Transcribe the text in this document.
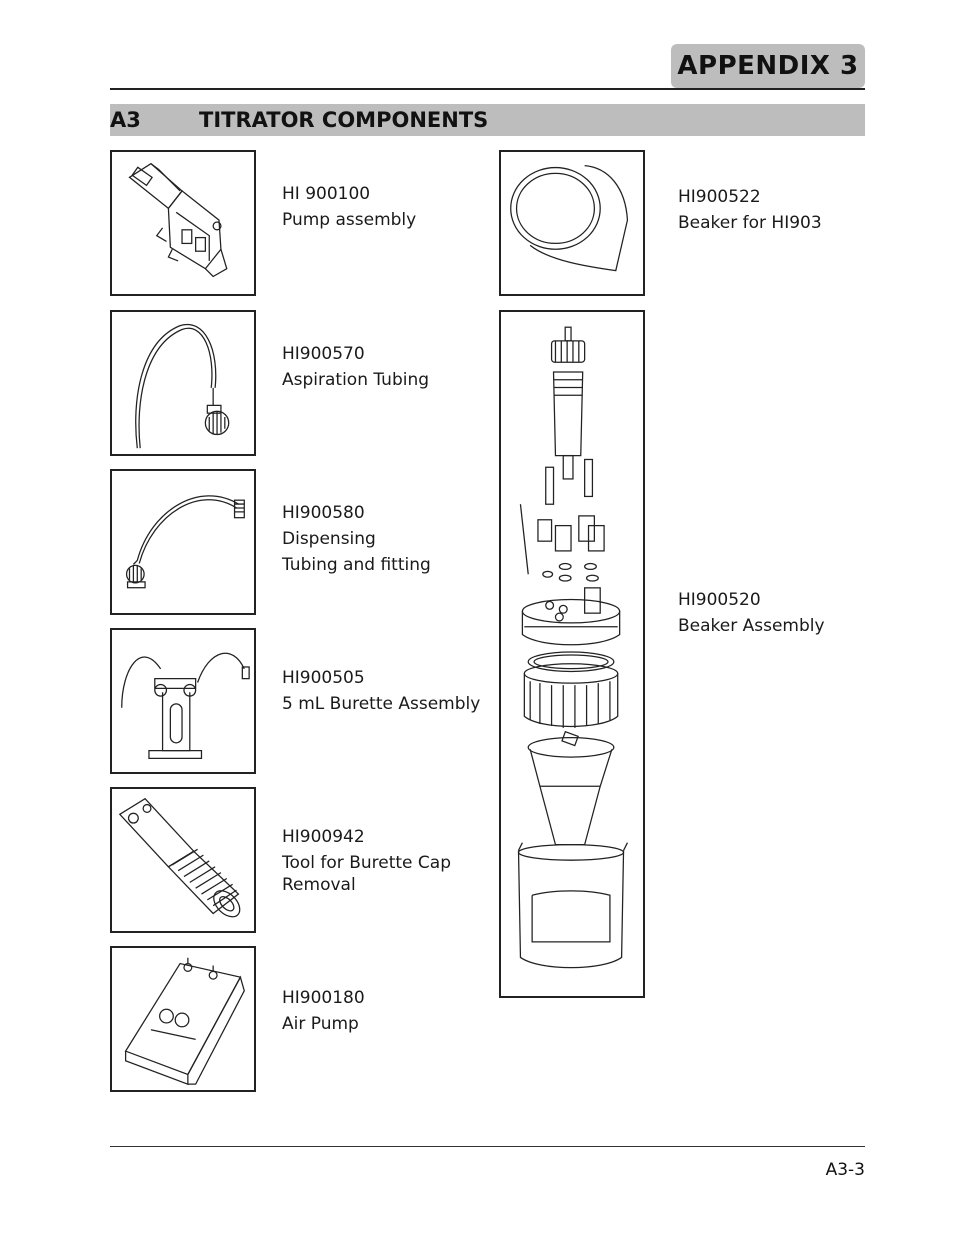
APPENDIX 3
A3	TITRATOR COMPONENTS
HI 900100
Pump assembly
HI900570
Aspiration Tubing
HI900580
Dispensing
Tubing and fitting
HI900505
5 mL Burette Assembly
HI900942
Tool for Burette Cap
Removal
HI900180
Air Pump
HI900522
Beaker for HI903
HI900520
Beaker Assembly
A3-3
